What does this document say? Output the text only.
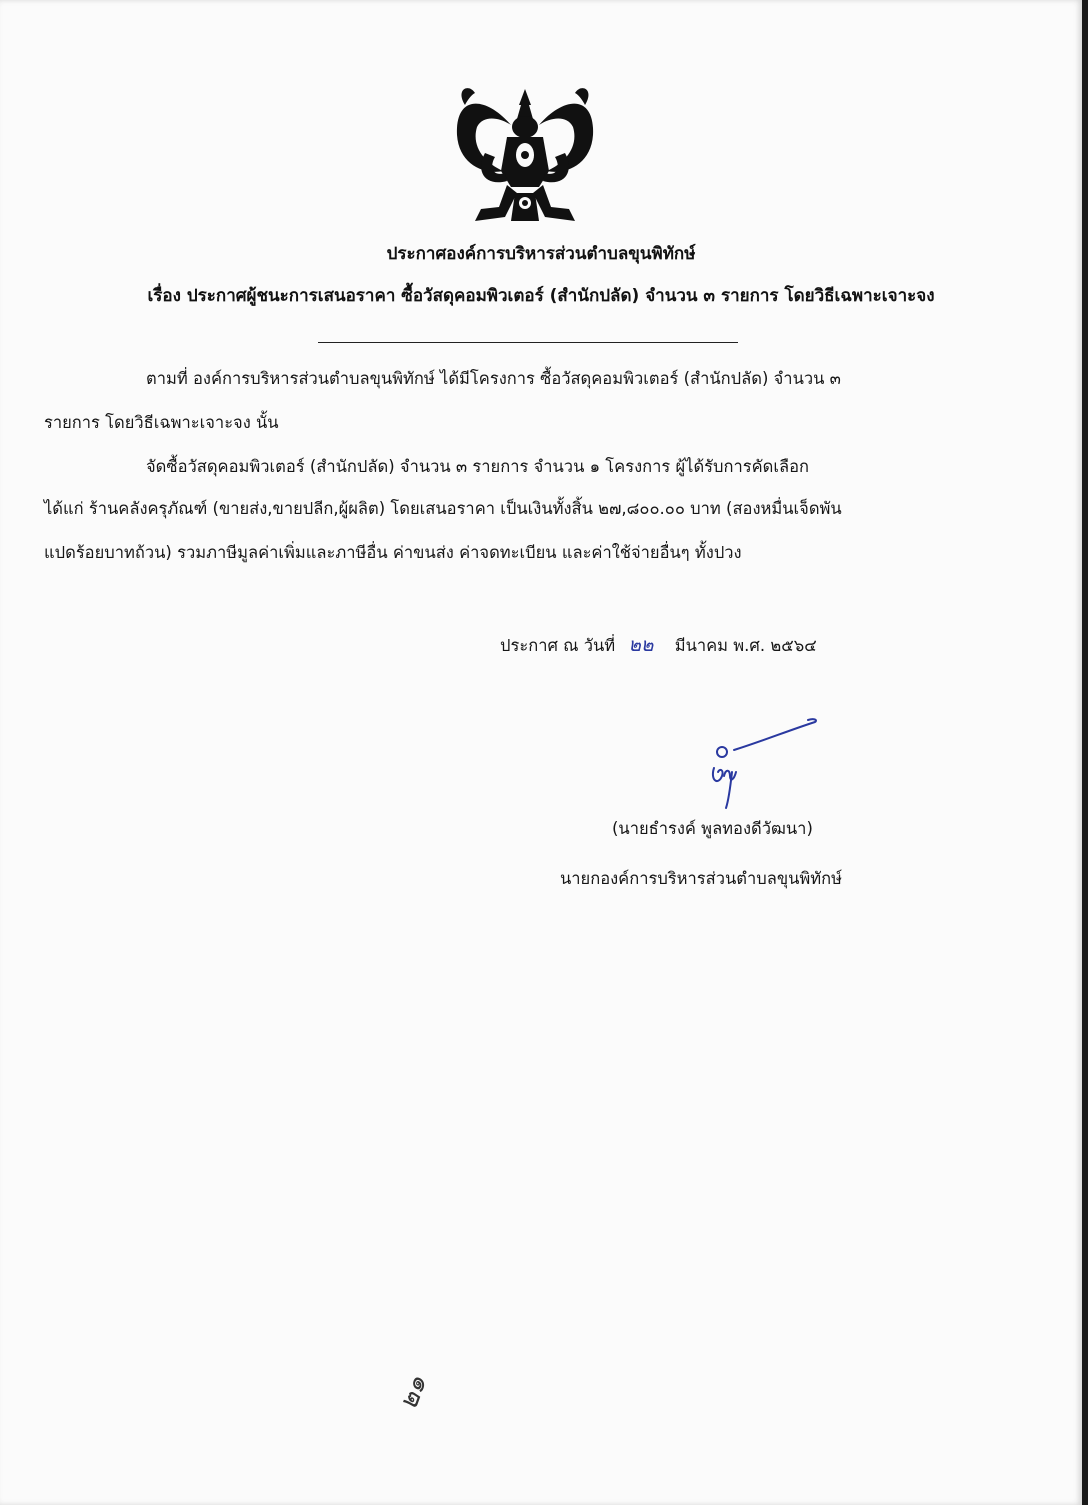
ประกาศองค์การบริหารส่วนตำบลขุนพิทักษ์
เรื่อง ประกาศผู้ชนะการเสนอราคา ซื้อวัสดุคอมพิวเตอร์ (สำนักปลัด) จำนวน ๓ รายการ โดยวิธีเฉพาะเจาะจง
ตามที่ องค์การบริหารส่วนตำบลขุนพิทักษ์ ได้มีโครงการ ซื้อวัสดุคอมพิวเตอร์ (สำนักปลัด) จำนวน ๓
รายการ โดยวิธีเฉพาะเจาะจง นั้น
จัดซื้อวัสดุคอมพิวเตอร์ (สำนักปลัด) จำนวน ๓ รายการ จำนวน ๑ โครงการ ผู้ได้รับการคัดเลือก
ได้แก่ ร้านคลังครุภัณฑ์ (ขายส่ง,ขายปลีก,ผู้ผลิต) โดยเสนอราคา เป็นเงินทั้งสิ้น ๒๗,๘๐๐.๐๐ บาท (สองหมื่นเจ็ดพัน
แปดร้อยบาทถ้วน) รวมภาษีมูลค่าเพิ่มและภาษีอื่น ค่าขนส่ง ค่าจดทะเบียน และค่าใช้จ่ายอื่นๆ ทั้งปวง
ประกาศ ณ วันที่ ๒๒ มีนาคม พ.ศ. ๒๕๖๔
(นายธำรงค์ พูลทองดีวัฒนา)
นายกองค์การบริหารส่วนตำบลขุนพิทักษ์
๒๑
